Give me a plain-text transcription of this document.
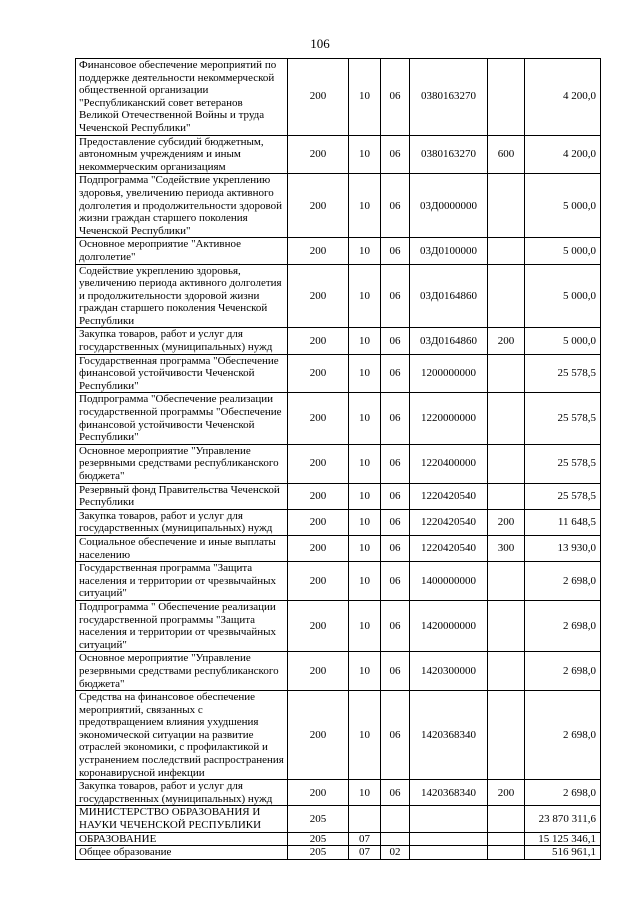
106
Финансовое обеспечение мероприятий по поддержке деятельности некоммерческой общественной организации "Республиканский совет ветеранов Великой Отечественной Войны и труда Чеченской Республики"	200	10	06	0380163270		4 200,0
Предоставление субсидий бюджетным, автономным учреждениям и иным некоммерческим организациям	200	10	06	0380163270	600	4 200,0
Подпрограмма "Содействие укреплению здоровья, увеличению периода активного долголетия и продолжительности здоровой жизни граждан старшего поколения Чеченской Республики"	200	10	06	03Д0000000		5 000,0
Основное мероприятие "Активное долголетие"	200	10	06	03Д0100000		5 000,0
Содействие укреплению здоровья, увеличению периода активного долголетия и продолжительности здоровой жизни граждан старшего поколения Чеченской Республики	200	10	06	03Д0164860		5 000,0
Закупка товаров, работ и услуг для государственных (муниципальных) нужд	200	10	06	03Д0164860	200	5 000,0
Государственная программа "Обеспечение финансовой устойчивости Чеченской Республики"	200	10	06	1200000000		25 578,5
Подпрограмма "Обеспечение реализации государственной программы "Обеспечение финансовой устойчивости Чеченской Республики"	200	10	06	1220000000		25 578,5
Основное мероприятие "Управление резервными средствами республиканского бюджета"	200	10	06	1220400000		25 578,5
Резервный фонд Правительства Чеченской Республики	200	10	06	1220420540		25 578,5
Закупка товаров, работ и услуг для государственных (муниципальных) нужд	200	10	06	1220420540	200	11 648,5
Социальное обеспечение и иные выплаты населению	200	10	06	1220420540	300	13 930,0
Государственная программа "Защита населения и территории от чрезвычайных ситуаций"	200	10	06	1400000000		2 698,0
Подпрограмма " Обеспечение реализации государственной программы "Защита населения и территории от чрезвычайных ситуаций"	200	10	06	1420000000		2 698,0
Основное мероприятие "Управление резервными средствами республиканского бюджета"	200	10	06	1420300000		2 698,0
Средства на финансовое обеспечение мероприятий, связанных с предотвращением влияния ухудшения экономической ситуации на развитие отраслей экономики, с профилактикой и устранением последствий распространения коронавирусной инфекции	200	10	06	1420368340		2 698,0
Закупка товаров, работ и услуг для государственных (муниципальных) нужд	200	10	06	1420368340	200	2 698,0
МИНИСТЕРСТВО ОБРАЗОВАНИЯ И НАУКИ ЧЕЧЕНСКОЙ РЕСПУБЛИКИ	205					23 870 311,6
ОБРАЗОВАНИЕ	205	07				15 125 346,1
Общее образование	205	07	02			516 961,1
